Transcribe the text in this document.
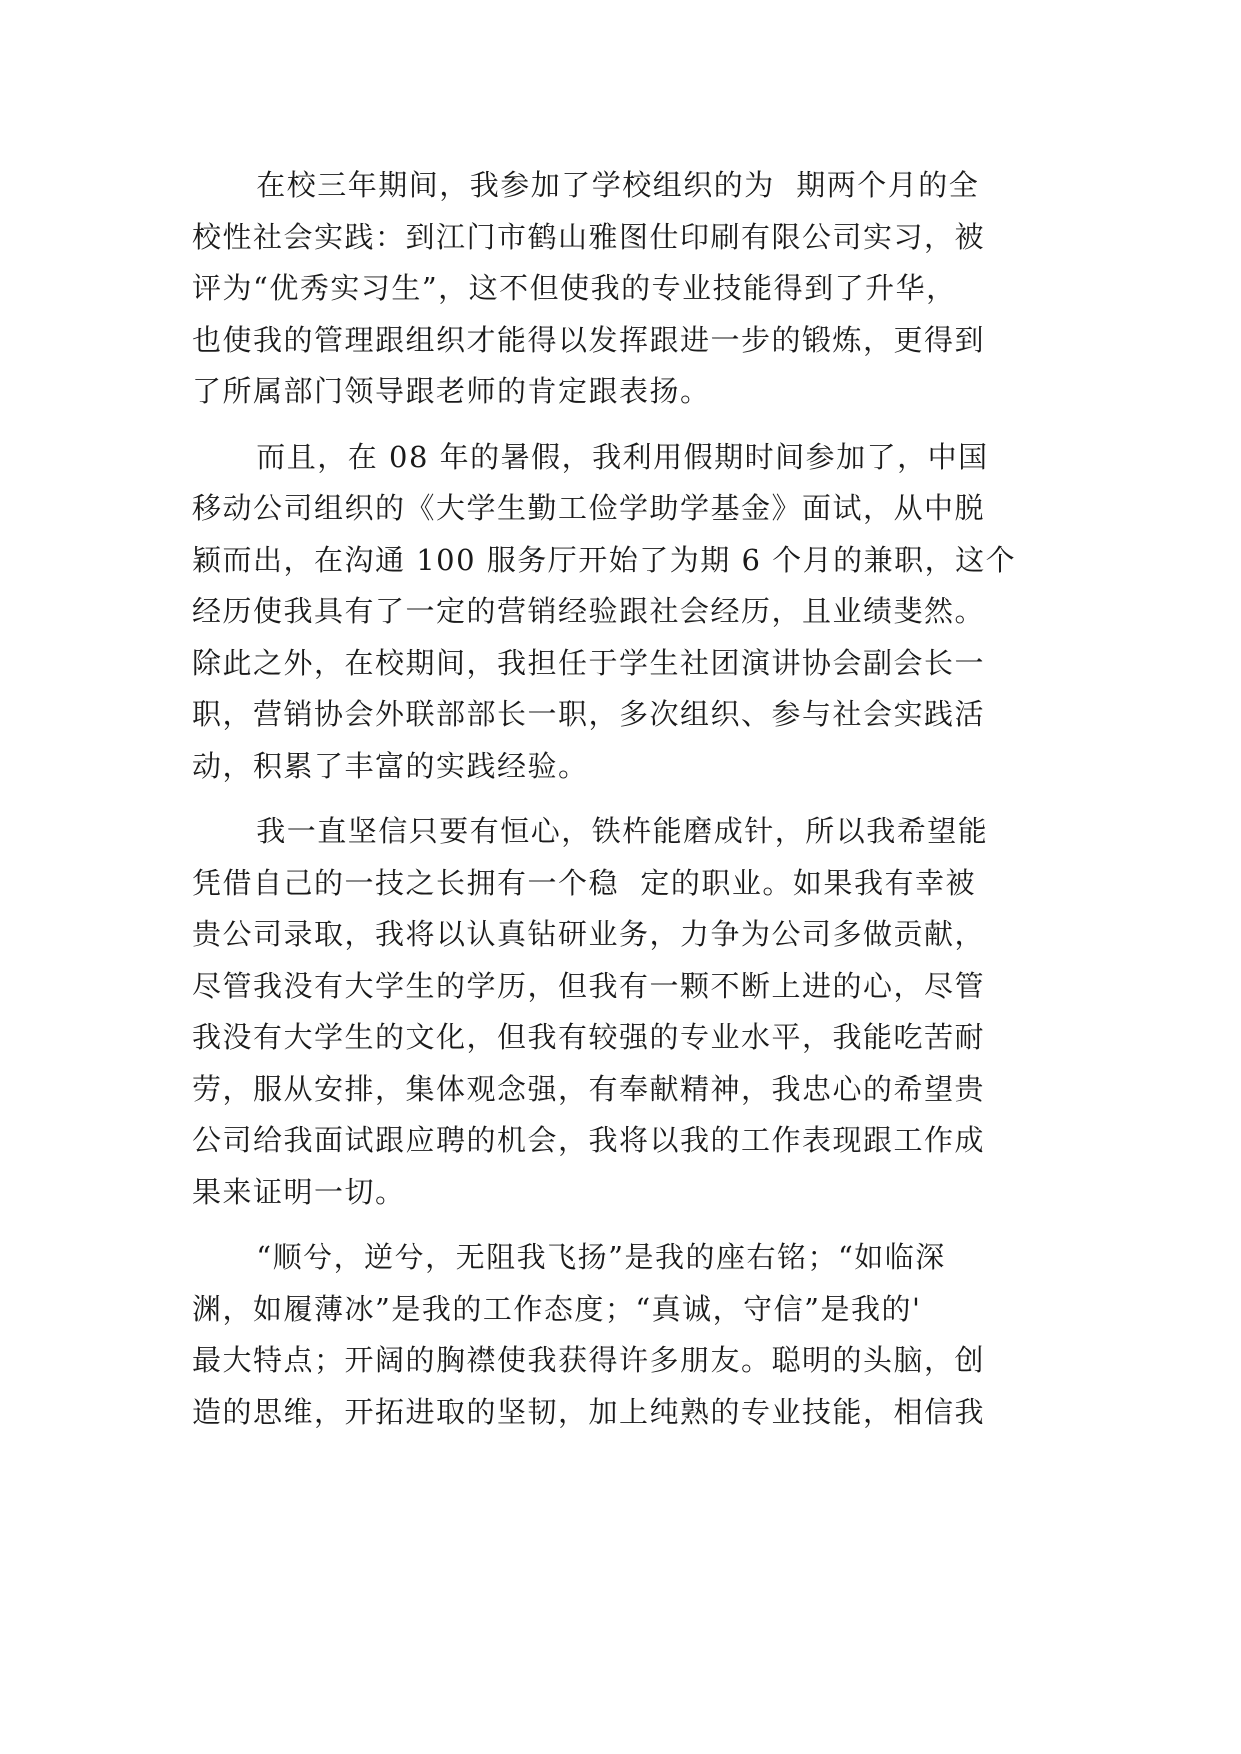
在校三年期间，我参加了学校组织的为  期两个月的全
校性社会实践：到江门市鹤山雅图仕印刷有限公司实习，被
评为“优秀实习生”，这不但使我的专业技能得到了升华，
也使我的管理跟组织才能得以发挥跟进一步的锻炼，更得到
了所属部门领导跟老师的肯定跟表扬。
而且，在 08 年的暑假，我利用假期时间参加了，中国
移动公司组织的《大学生勤工俭学助学基金》面试，从中脱
颖而出，在沟通 100 服务厅开始了为期 6 个月的兼职，这个
经历使我具有了一定的营销经验跟社会经历，且业绩斐然。
除此之外，在校期间，我担任于学生社团演讲协会副会长一
职，营销协会外联部部长一职，多次组织、参与社会实践活
动，积累了丰富的实践经验。
我一直坚信只要有恒心，铁杵能磨成针，所以我希望能
凭借自己的一技之长拥有一个稳  定的职业。如果我有幸被
贵公司录取，我将以认真钻研业务，力争为公司多做贡献，
尽管我没有大学生的学历，但我有一颗不断上进的心，尽管
我没有大学生的文化，但我有较强的专业水平，我能吃苦耐
劳，服从安排，集体观念强，有奉献精神，我忠心的希望贵
公司给我面试跟应聘的机会，我将以我的工作表现跟工作成
果来证明一切。
“顺兮，逆兮，无阻我飞扬”是我的座右铭；“如临深
渊，如履薄冰”是我的工作态度；“真诚，守信”是我的'
最大特点；开阔的胸襟使我获得许多朋友。聪明的头脑，创
造的思维，开拓进取的坚韧，加上纯熟的专业技能，相信我
